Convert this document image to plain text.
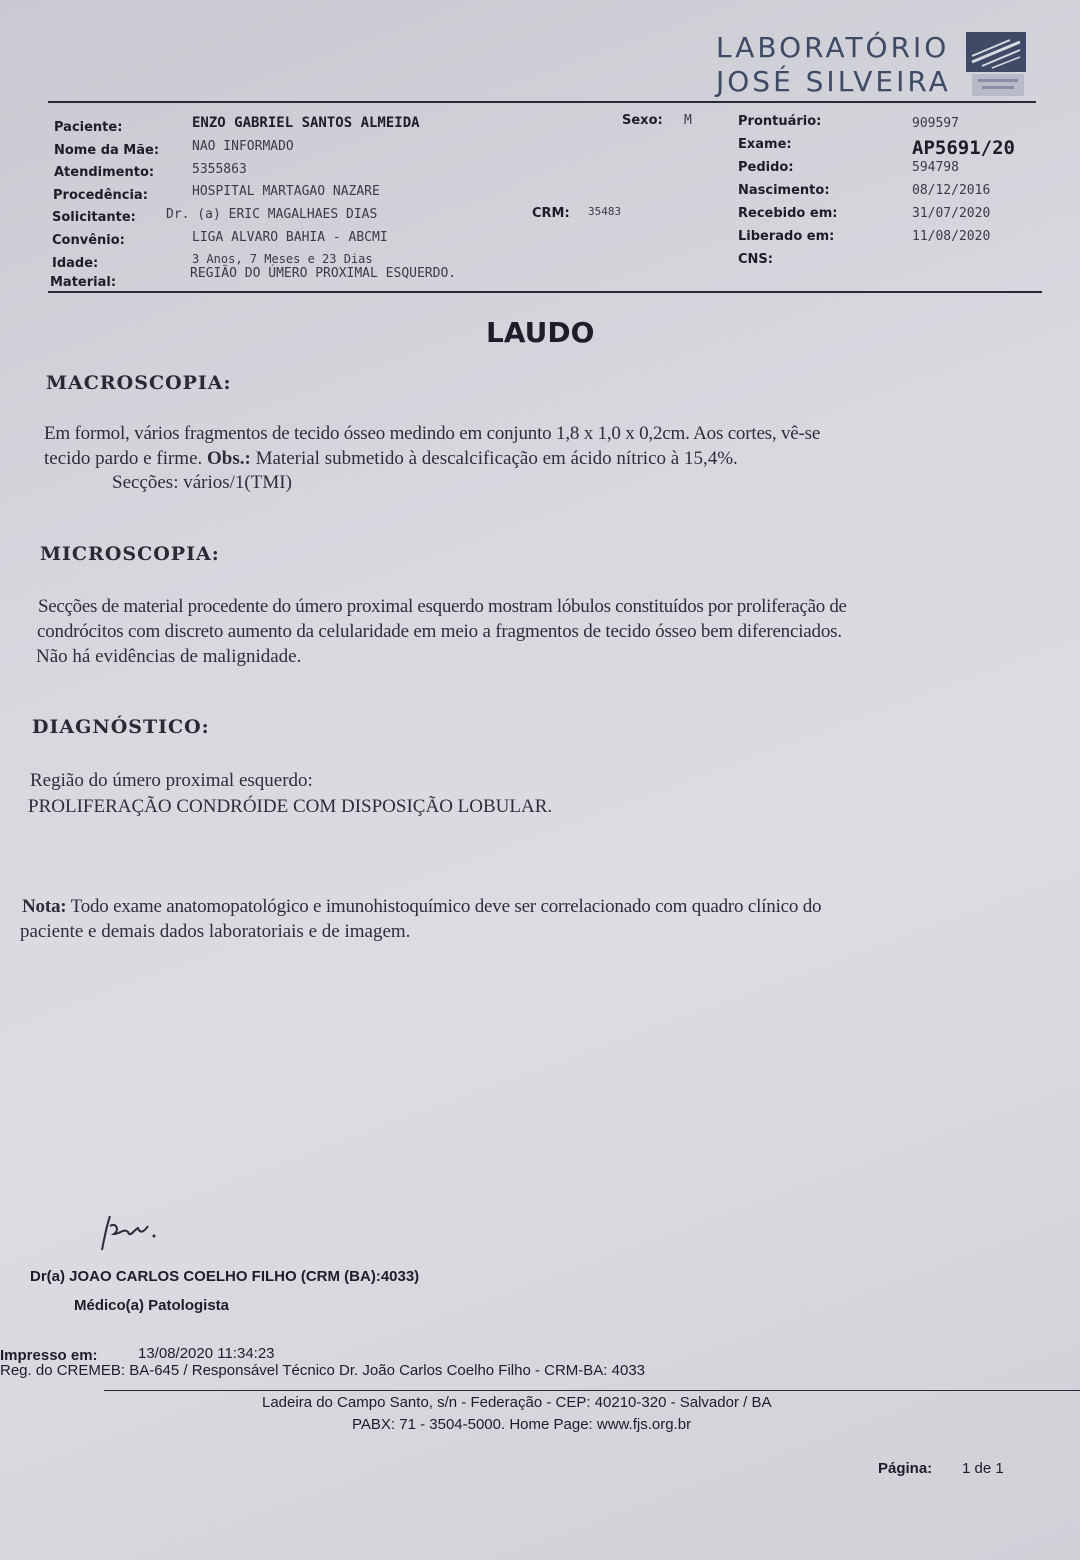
LABORATÓRIO
JOSÉ SILVEIRA
Paciente:	ENZO GABRIEL SANTOS ALMEIDA	Sexo: M
Nome da Mãe:	NAO INFORMADO
Atendimento:	5355863
Procedência:	HOSPITAL MARTAGAO NAZARE
Solicitante: Dr. (a) ERIC MAGALHAES DIAS	CRM: 35483
Convênio:	LIGA ALVARO BAHIA - ABCMI
Idade:	3 Anos, 7 Meses e 23 Dias
Material:
REGIÃO DO ÚMERO PROXIMAL ESQUERDO.
Prontuário:	909597
Exame:	AP5691/20
Pedido:	594798
Nascimento:	08/12/2016
Recebido em:	31/07/2020
Liberado em:	11/08/2020
CNS:
LAUDO
MACROSCOPIA:
Em formol, vários fragmentos de tecido ósseo medindo em conjunto 1,8 x 1,0 x 0,2cm. Aos cortes, vê-se
tecido pardo e firme. Obs.: Material submetido à descalcificação em ácido nítrico à 15,4%.
Secções: vários/1(TMI)
MICROSCOPIA:
Secções de material procedente do úmero proximal esquerdo mostram lóbulos constituídos por proliferação de
condrócitos com discreto aumento da celularidade em meio a fragmentos de tecido ósseo bem diferenciados.
Não há evidências de malignidade.
DIAGNÓSTICO:
Região do úmero proximal esquerdo:
PROLIFERAÇÃO CONDRÓIDE COM DISPOSIÇÃO LOBULAR.
Nota: Todo exame anatomopatológico e imunohistoquímico deve ser correlacionado com quadro clínico do
paciente e demais dados laboratoriais e de imagem.
Dr(a) JOAO CARLOS COELHO FILHO (CRM (BA):4033)
Médico(a) Patologista
Impresso em:	13/08/2020 11:34:23
Reg. do CREMEB: BA-645 / Responsável Técnico Dr. João Carlos Coelho Filho - CRM-BA: 4033
Ladeira do Campo Santo, s/n - Federação - CEP: 40210-320 - Salvador / BA
PABX: 71 - 3504-5000. Home Page: www.fjs.org.br
Página: 1 de 1
